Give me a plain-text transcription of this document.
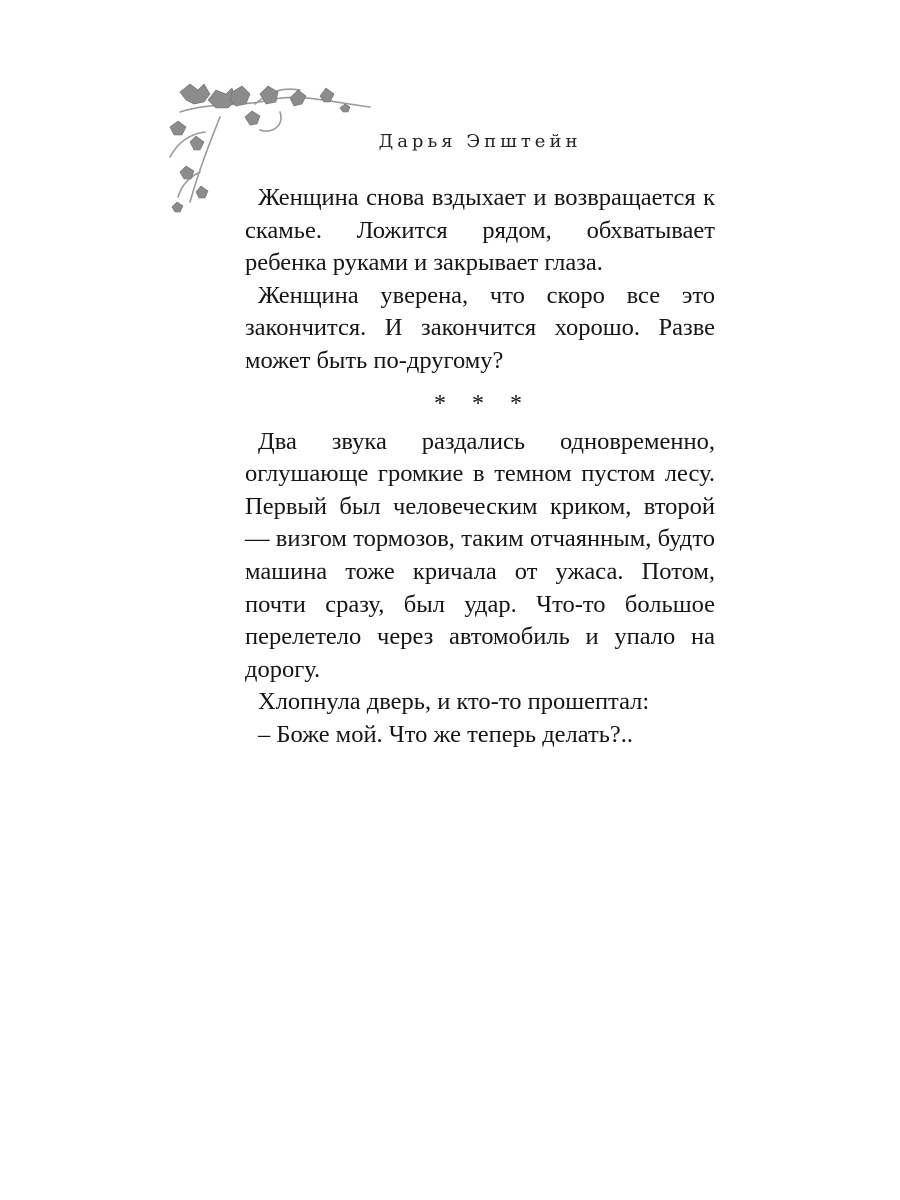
Дарья Эпштейн

Женщина снова вздыхает и возвращается к скамье. Ложится рядом, обхватывает ребенка руками и закрывает глаза.

Женщина уверена, что скоро все это закончится. И закончится хорошо. Разве может быть по-другому?

* * *

Два звука раздались одновременно, оглушающе громкие в темном пустом лесу. Первый был человеческим криком, второй — визгом тормозов, таким отчаянным, будто машина тоже кричала от ужаса. Потом, почти сразу, был удар. Что-то большое перелетело через автомобиль и упало на дорогу.

Хлопнула дверь, и кто-то прошептал:

– Боже мой. Что же теперь делать?..
